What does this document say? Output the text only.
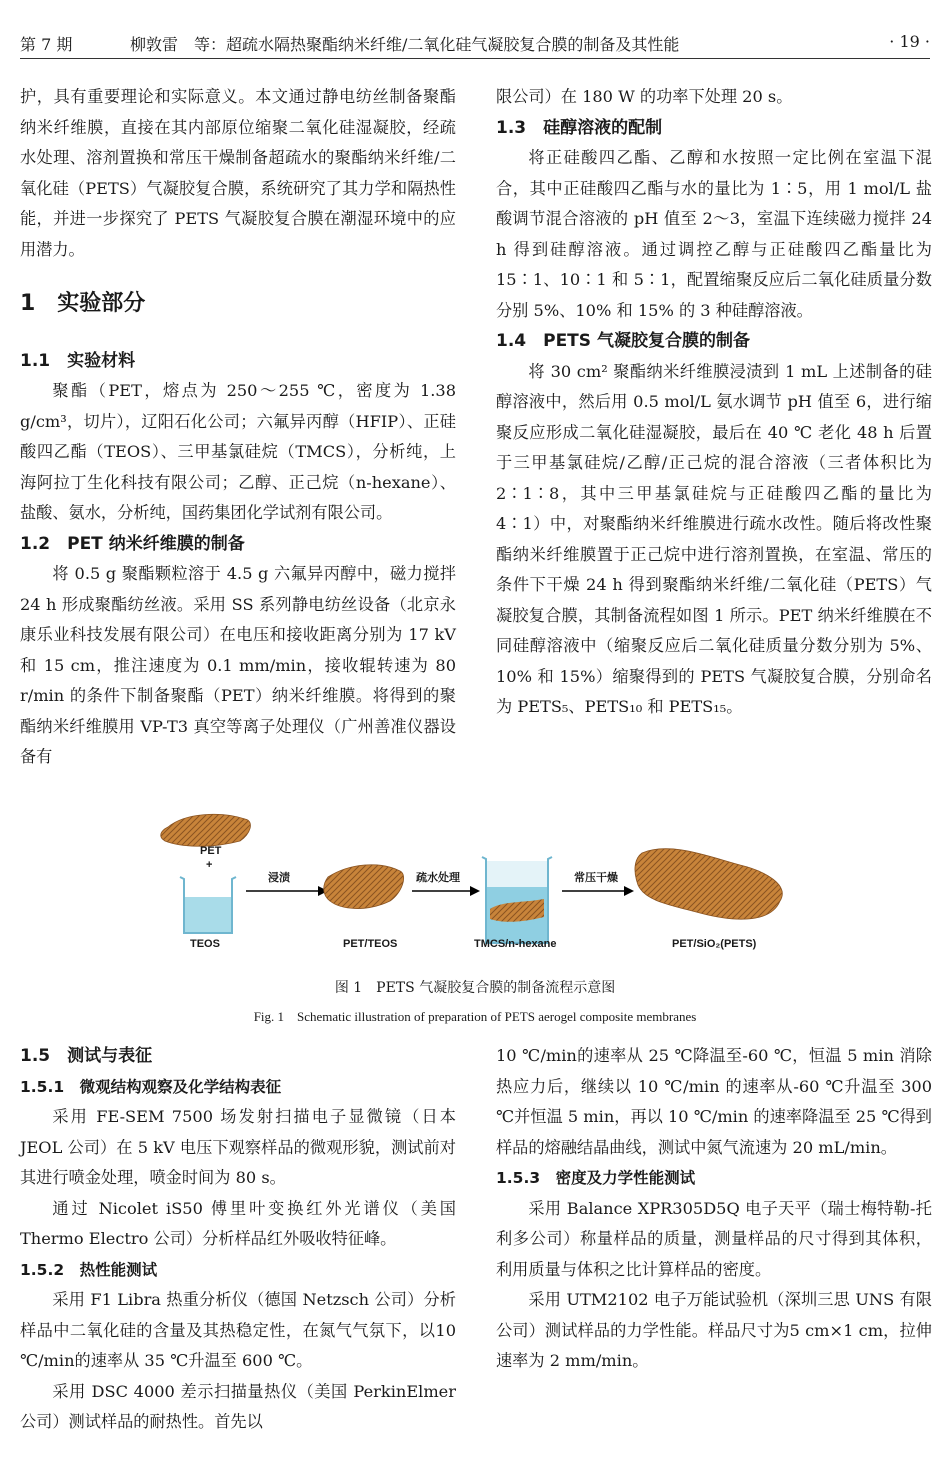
第 7 期	柳敦雷　等：超疏水隔热聚酯纳米纤维/二氧化硅气凝胶复合膜的制备及其性能	· 19 ·

护，具有重要理论和实际意义。本文通过静电纺丝制备聚酯纳米纤维膜，直接在其内部原位缩聚二氧化硅湿凝胶，经疏水处理、溶剂置换和常压干燥制备超疏水的聚酯纳米纤维/二氧化硅（PETS）气凝胶复合膜，系统研究了其力学和隔热性能，并进一步探究了 PETS 气凝胶复合膜在潮湿环境中的应用潜力。

1　实验部分

1.1　实验材料

聚酯（PET，熔点为 250～255 ℃，密度为 1.38 g/cm³，切片），辽阳石化公司；六氟异丙醇（HFIP）、正硅酸四乙酯（TEOS）、三甲基氯硅烷（TMCS），分析纯，上海阿拉丁生化科技有限公司；乙醇、正己烷（n-hexane）、盐酸、氨水，分析纯，国药集团化学试剂有限公司。

1.2　PET 纳米纤维膜的制备

将 0.5 g 聚酯颗粒溶于 4.5 g 六氟异丙醇中，磁力搅拌 24 h 形成聚酯纺丝液。采用 SS 系列静电纺丝设备（北京永康乐业科技发展有限公司）在电压和接收距离分别为 17 kV 和 15 cm，推注速度为 0.1 mm/min，接收辊转速为 80 r/min 的条件下制备聚酯（PET）纳米纤维膜。将得到的聚酯纳米纤维膜用 VP-T3 真空等离子处理仪（广州善准仪器设备有

限公司）在 180 W 的功率下处理 20 s。

1.3　硅醇溶液的配制

将正硅酸四乙酯、乙醇和水按照一定比例在室温下混合，其中正硅酸四乙酯与水的量比为 1∶5，用 1 mol/L 盐酸调节混合溶液的 pH 值至 2～3，室温下连续磁力搅拌 24 h 得到硅醇溶液。通过调控乙醇与正硅酸四乙酯量比为 15∶1、10∶1 和 5∶1，配置缩聚反应后二氧化硅质量分数分别 5%、10% 和 15% 的 3 种硅醇溶液。

1.4　PETS 气凝胶复合膜的制备

将 30 cm² 聚酯纳米纤维膜浸渍到 1 mL 上述制备的硅醇溶液中，然后用 0.5 mol/L 氨水调节 pH 值至 6，进行缩聚反应形成二氧化硅湿凝胶，最后在 40 ℃ 老化 48 h 后置于三甲基氯硅烷/乙醇/正己烷的混合溶液（三者体积比为 2∶1∶8，其中三甲基氯硅烷与正硅酸四乙酯的量比为 4∶1）中，对聚酯纳米纤维膜进行疏水改性。随后将改性聚酯纳米纤维膜置于正己烷中进行溶剂置换，在室温、常压的条件下干燥 24 h 得到聚酯纳米纤维/二氧化硅（PETS）气凝胶复合膜，其制备流程如图 1 所示。PET 纳米纤维膜在不同硅醇溶液中（缩聚反应后二氧化硅质量分数分别为 5%、10% 和 15%）缩聚得到的 PETS 气凝胶复合膜，分别命名为 PETS₅、PETS₁₀ 和 PETS₁₅。

PET
+
TEOS
浸渍	疏水处理	常压干燥
PET/TEOS	TMCS/n-hexane	PET/SiO₂(PETS)
图 1　PETS 气凝胶复合膜的制备流程示意图
Fig. 1　Schematic illustration of preparation of PETS aerogel composite membranes

1.5　测试与表征

1.5.1　微观结构观察及化学结构表征

采用 FE-SEM 7500 场发射扫描电子显微镜（日本 JEOL 公司）在 5 kV 电压下观察样品的微观形貌，测试前对其进行喷金处理，喷金时间为 80 s。

通过 Nicolet iS50 傅里叶变换红外光谱仪（美国 Thermo Electro 公司）分析样品红外吸收特征峰。

1.5.2　热性能测试

采用 F1 Libra 热重分析仪（德国 Netzsch 公司）分析样品中二氧化硅的含量及其热稳定性，在氮气气氛下，以10 ℃/min的速率从 35 ℃升温至 600 ℃。

采用 DSC 4000 差示扫描量热仪（美国 PerkinElmer 公司）测试样品的耐热性。首先以

10 ℃/min的速率从 25 ℃降温至-60 ℃，恒温 5 min 消除热应力后，继续以 10 ℃/min 的速率从-60 ℃升温至 300 ℃并恒温 5 min，再以 10 ℃/min 的速率降温至 25 ℃得到样品的熔融结晶曲线，测试中氮气流速为 20 mL/min。

1.5.3　密度及力学性能测试

采用 Balance XPR305D5Q 电子天平（瑞士梅特勒-托利多公司）称量样品的质量，测量样品的尺寸得到其体积，利用质量与体积之比计算样品的密度。

采用 UTM2102 电子万能试验机（深圳三思 UNS 有限公司）测试样品的力学性能。样品尺寸为5 cm×1 cm，拉伸速率为 2 mm/min。
